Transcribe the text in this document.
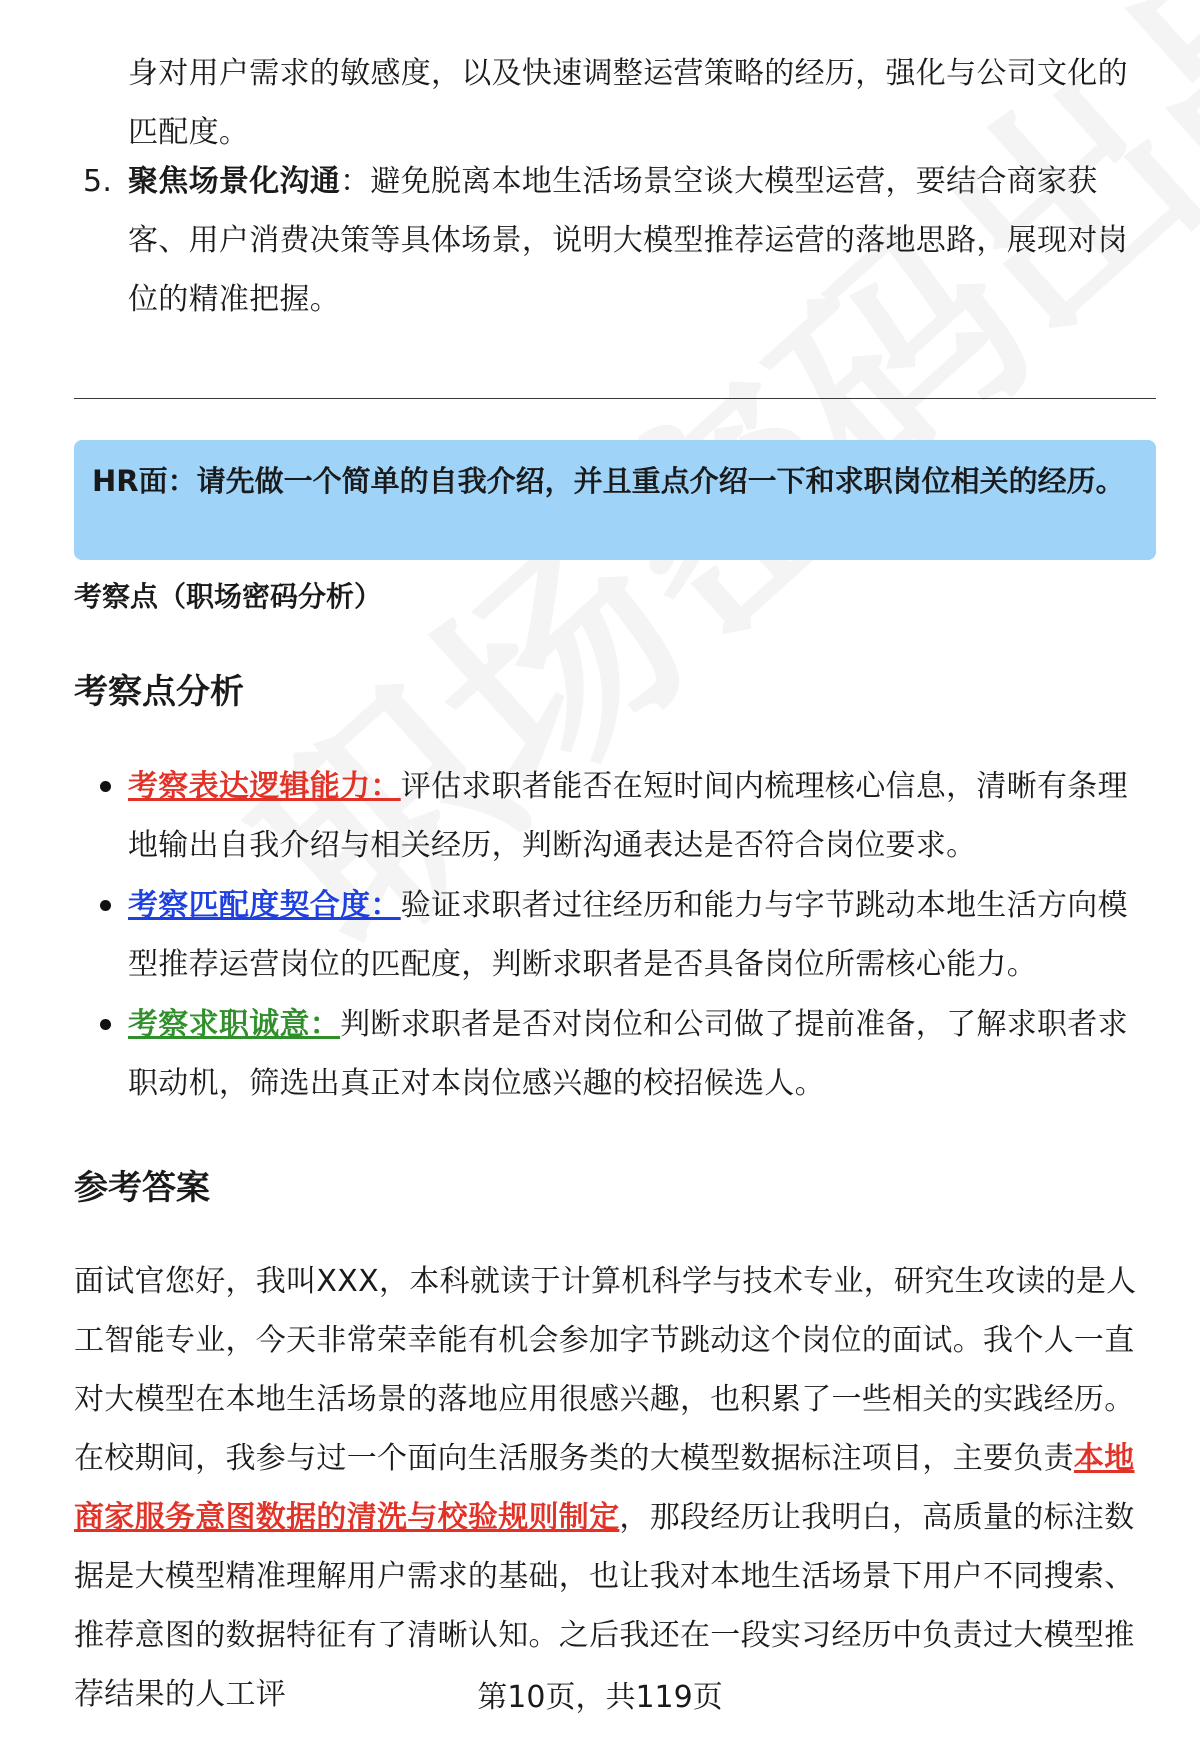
身对用户需求的敏感度，以及快速调整运营策略的经历，强化与公司文化的匹配度。
5. 聚焦场景化沟通：避免脱离本地生活场景空谈大模型运营，要结合商家获客、用户消费决策等具体场景，说明大模型推荐运营的落地思路，展现对岗位的精准把握。
HR面：请先做一个简单的自我介绍，并且重点介绍一下和求职岗位相关的经历。
考察点（职场密码分析）
考察点分析
考察表达逻辑能力：评估求职者能否在短时间内梳理核心信息，清晰有条理地输出自我介绍与相关经历，判断沟通表达是否符合岗位要求。
考察匹配度契合度：验证求职者过往经历和能力与字节跳动本地生活方向模型推荐运营岗位的匹配度，判断求职者是否具备岗位所需核心能力。
考察求职诚意：判断求职者是否对岗位和公司做了提前准备，了解求职者求职动机，筛选出真正对本岗位感兴趣的校招候选人。
参考答案
面试官您好，我叫XXX，本科就读于计算机科学与技术专业，研究生攻读的是人工智能专业，今天非常荣幸能有机会参加字节跳动这个岗位的面试。我个人一直对大模型在本地生活场景的落地应用很感兴趣，也积累了一些相关的实践经历。在校期间，我参与过一个面向生活服务类的大模型数据标注项目，主要负责本地商家服务意图数据的清洗与校验规则制定，那段经历让我明白，高质量的标注数据是大模型精准理解用户需求的基础，也让我对本地生活场景下用户不同搜索、推荐意图的数据特征有了清晰认知。之后我还在一段实习经历中负责过大模型推荐结果的人工评	第10页，共119页
